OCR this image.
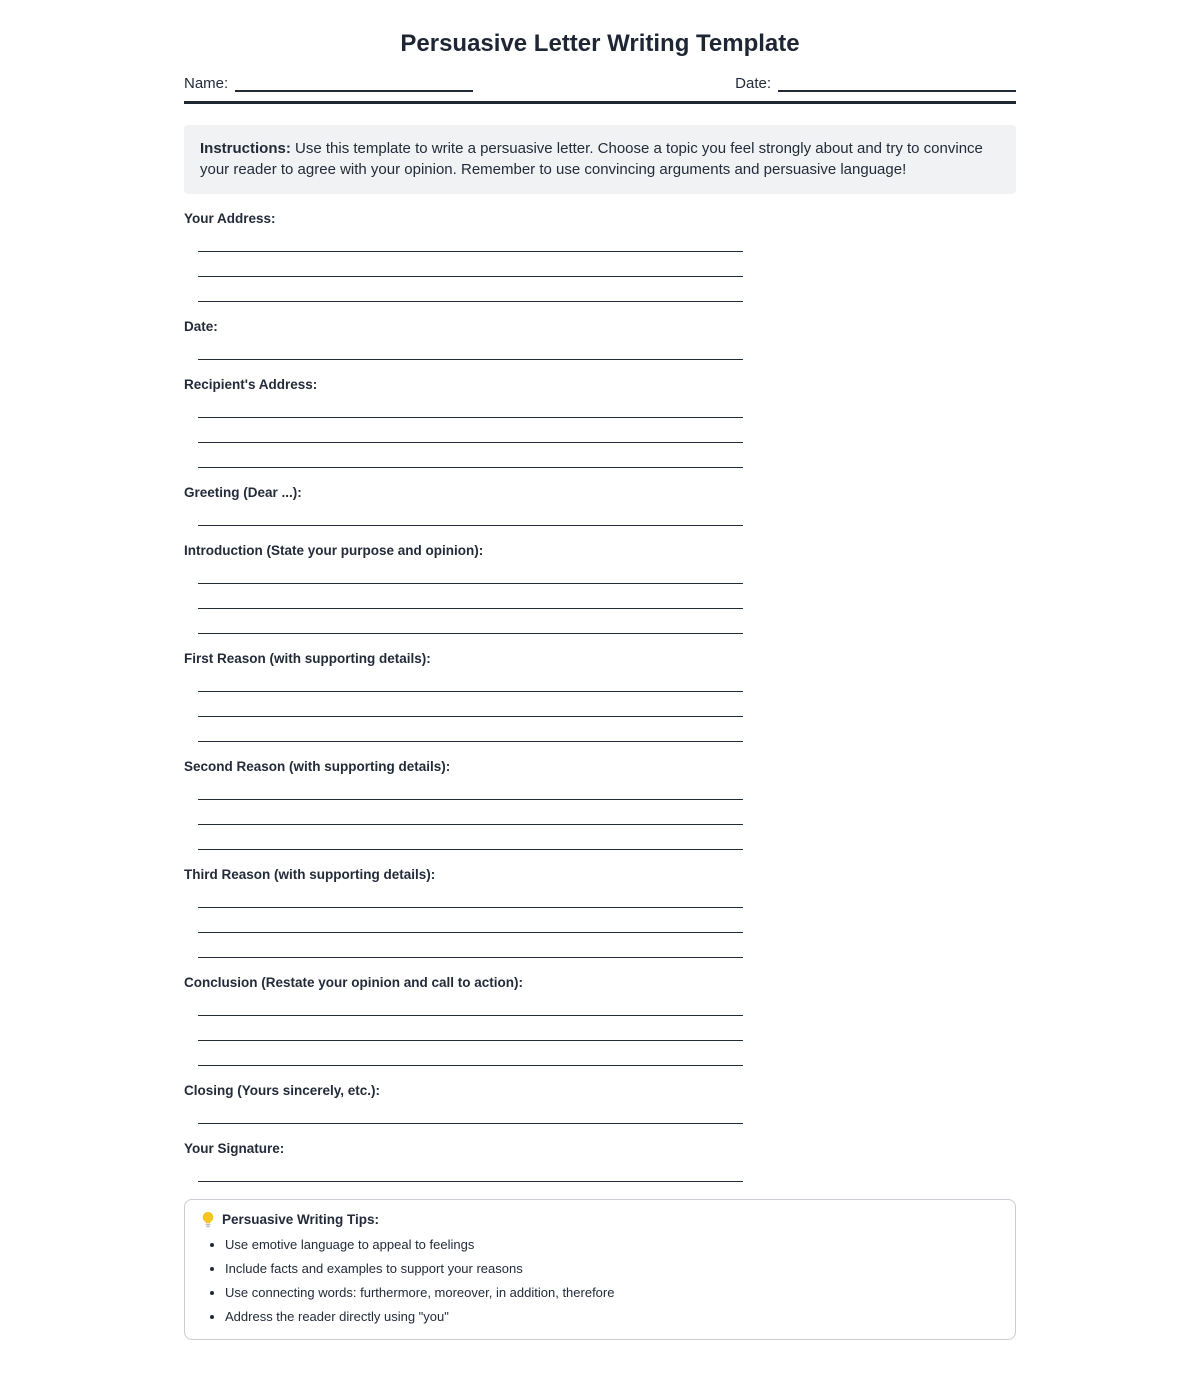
Persuasive Letter Writing Template
Name:	Date:
Instructions: Use this template to write a persuasive letter. Choose a topic you feel strongly about and try to convince your reader to agree with your opinion. Remember to use convincing arguments and persuasive language!
Your Address:
Date:
Recipient's Address:
Greeting (Dear ...):
Introduction (State your purpose and opinion):
First Reason (with supporting details):
Second Reason (with supporting details):
Third Reason (with supporting details):
Conclusion (Restate your opinion and call to action):
Closing (Yours sincerely, etc.):
Your Signature:
Persuasive Writing Tips:
• Use emotive language to appeal to feelings
• Include facts and examples to support your reasons
• Use connecting words: furthermore, moreover, in addition, therefore
• Address the reader directly using "you"
